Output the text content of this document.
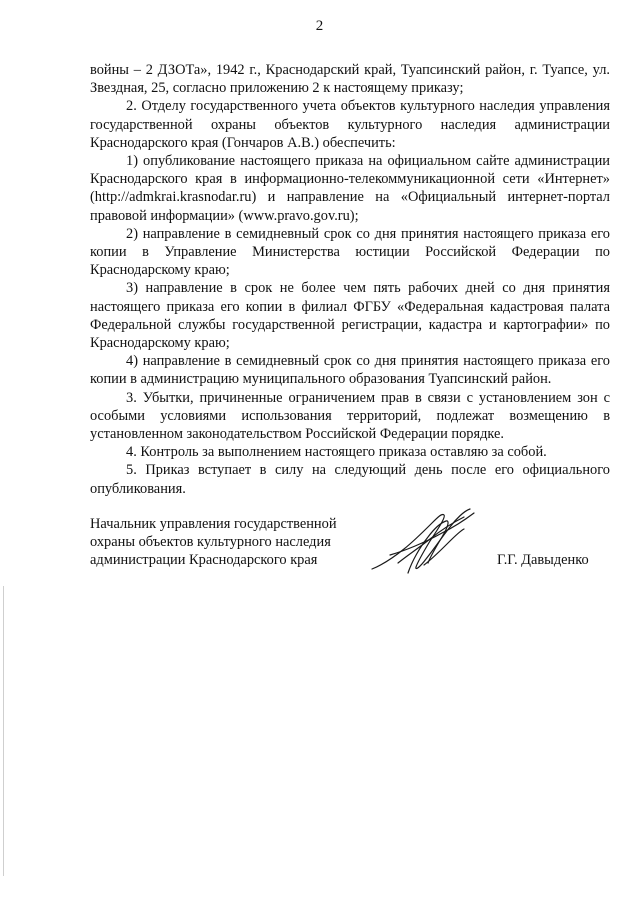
2

войны – 2 ДЗОТа», 1942 г., Краснодарский край, Туапсинский район, г. Туапсе, ул. Звездная, 25, согласно приложению 2 к настоящему приказу;

2. Отделу государственного учета объектов культурного наследия управления государственной охраны объектов культурного наследия администрации Краснодарского края (Гончаров А.В.) обеспечить:

1) опубликование настоящего приказа на официальном сайте администрации Краснодарского края в информационно-телекоммуникационной сети «Интернет» (http://admkrai.krasnodar.ru) и направление на «Официальный интернет-портал правовой информации» (www.pravo.gov.ru);

2) направление в семидневный срок со дня принятия настоящего приказа его копии в Управление Министерства юстиции Российской Федерации по Краснодарскому краю;

3) направление в срок не более чем пять рабочих дней со дня принятия настоящего приказа его копии в филиал ФГБУ «Федеральная кадастровая палата Федеральной службы государственной регистрации, кадастра и картографии» по Краснодарскому краю;

4) направление в семидневный срок со дня принятия настоящего приказа его копии в администрацию муниципального образования Туапсинский район.

3. Убытки, причиненные ограничением прав в связи с установлением зон с особыми условиями использования территорий, подлежат возмещению в установленном законодательством Российской Федерации порядке.

4. Контроль за выполнением настоящего приказа оставляю за собой.

5. Приказ вступает в силу на следующий день после его официального опубликования.

Начальник управления государственной
охраны объектов культурного наследия
администрации Краснодарского края	Г.Г. Давыденко
